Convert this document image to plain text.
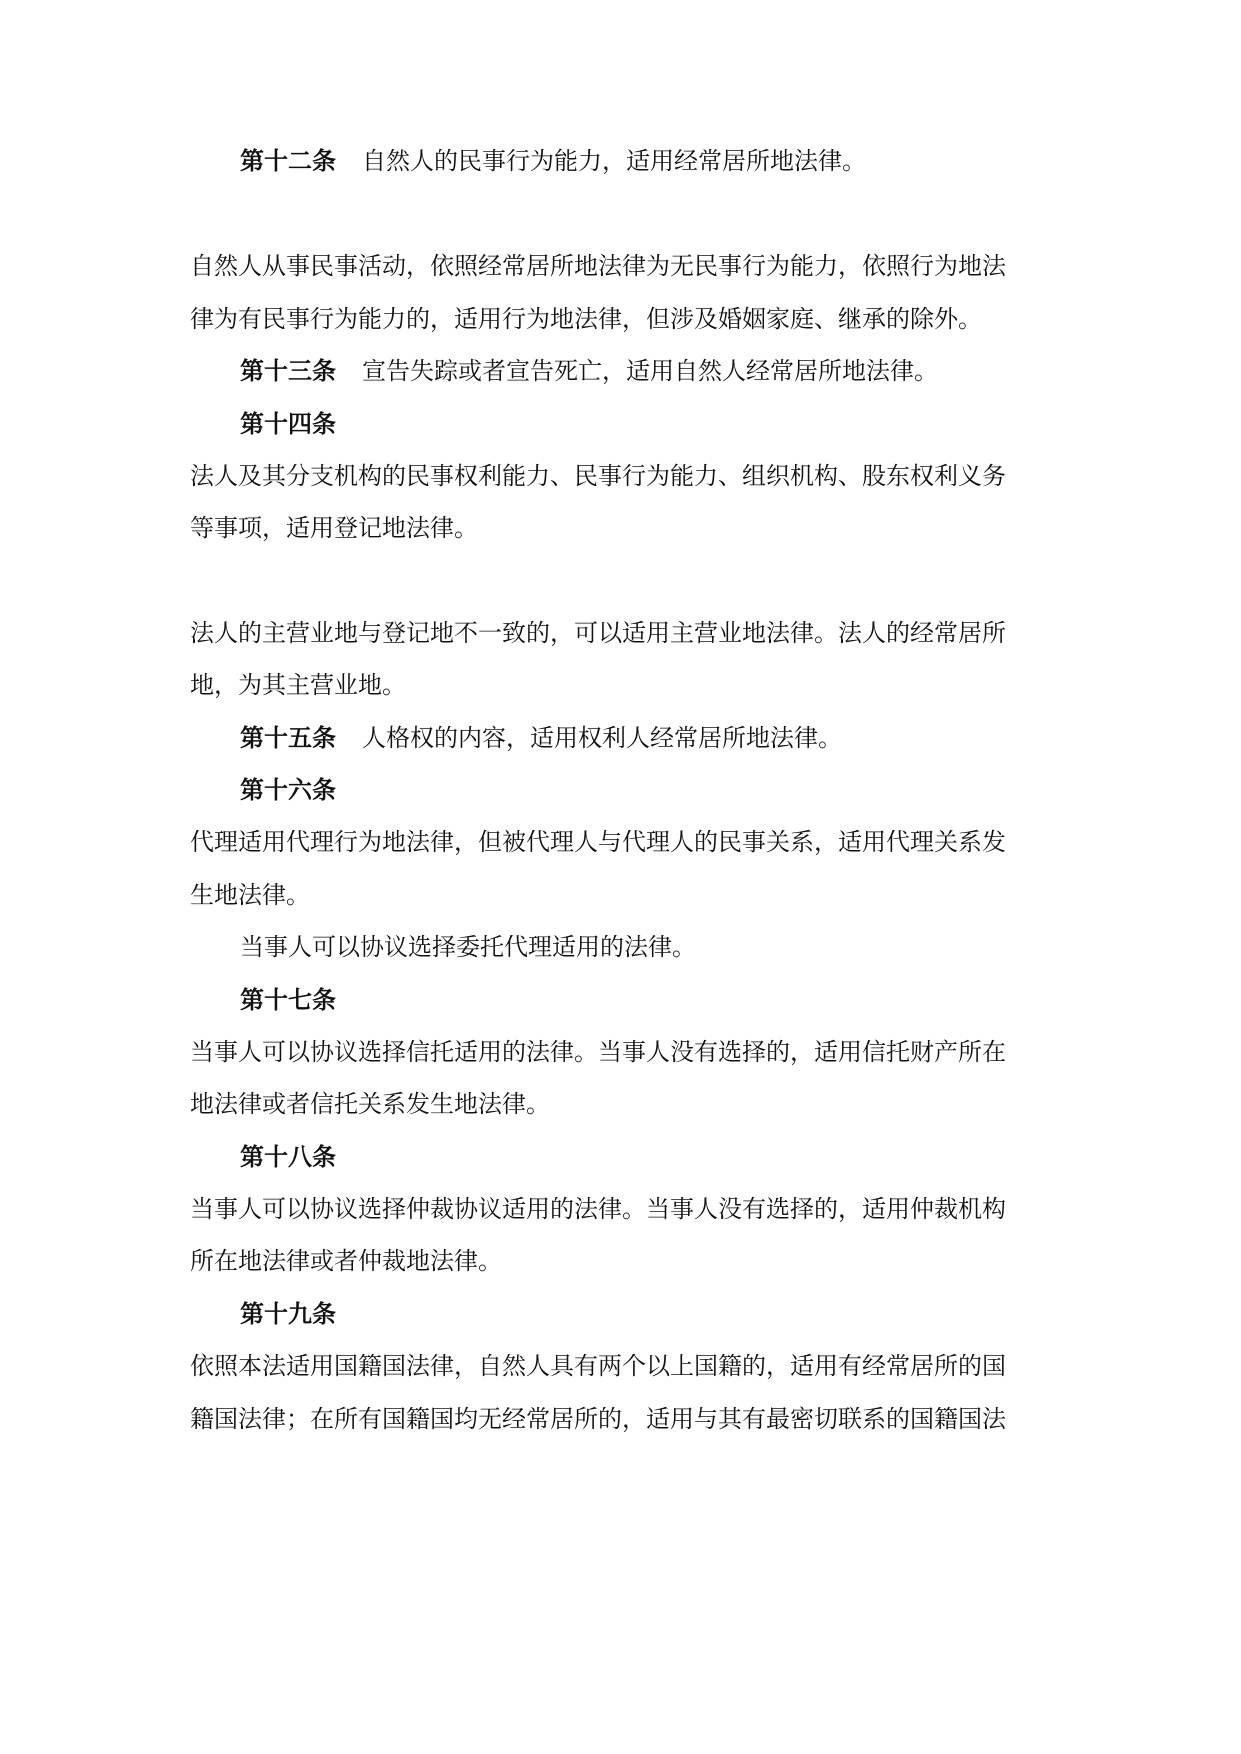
第十二条 自然人的民事行为能力，适用经常居所地法律。

自然人从事民事活动，依照经常居所地法律为无民事行为能力，依照行为地法

律为有民事行为能力的，适用行为地法律，但涉及婚姻家庭、继承的除外。

第十三条 宣告失踪或者宣告死亡，适用自然人经常居所地法律。

第十四条

法人及其分支机构的民事权利能力、民事行为能力、组织机构、股东权利义务

等事项，适用登记地法律。

法人的主营业地与登记地不一致的，可以适用主营业地法律。法人的经常居所

地，为其主营业地。

第十五条 人格权的内容，适用权利人经常居所地法律。

第十六条

代理适用代理行为地法律，但被代理人与代理人的民事关系，适用代理关系发

生地法律。

当事人可以协议选择委托代理适用的法律。

第十七条

当事人可以协议选择信托适用的法律。当事人没有选择的，适用信托财产所在

地法律或者信托关系发生地法律。

第十八条

当事人可以协议选择仲裁协议适用的法律。当事人没有选择的，适用仲裁机构

所在地法律或者仲裁地法律。

第十九条

依照本法适用国籍国法律，自然人具有两个以上国籍的，适用有经常居所的国

籍国法律；在所有国籍国均无经常居所的，适用与其有最密切联系的国籍国法
